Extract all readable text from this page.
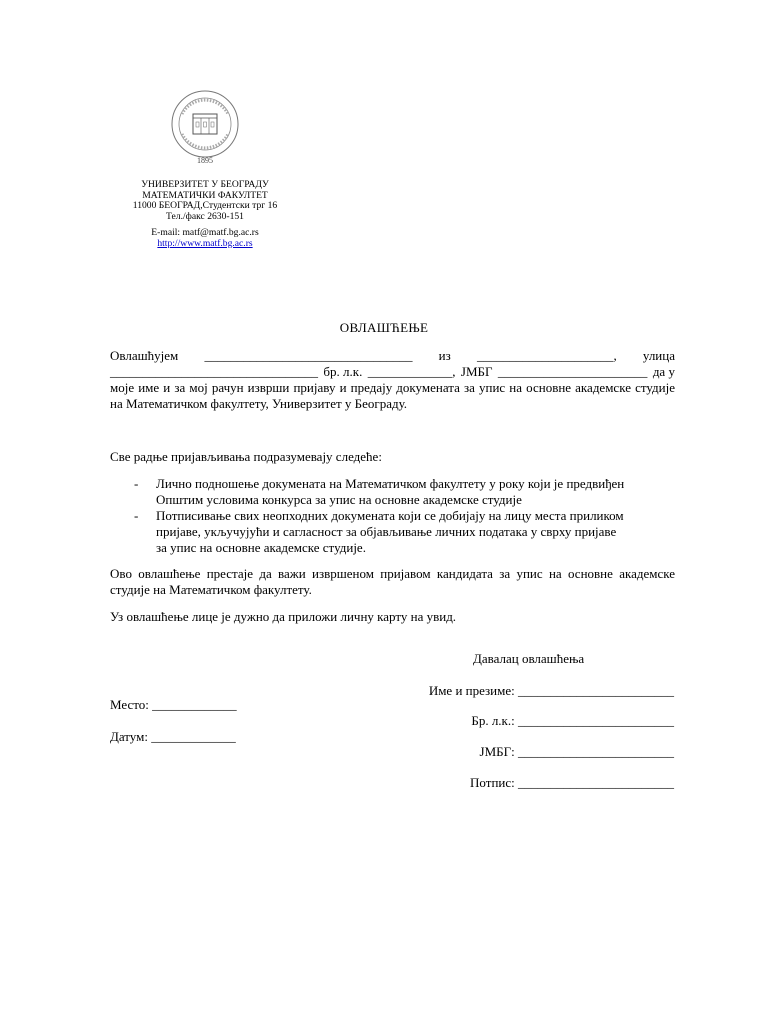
1895
УНИВЕРЗИТЕТ У БЕОГРАДУ
МАТЕМАТИЧКИ ФАКУЛТЕТ
11000 БЕОГРАД,Студентски трг 16
Тел./факс 2630-151
E-mail: matf@matf.bg.ac.rs
http://www.matf.bg.ac.rs
ОВЛАШЋЕЊЕ
Овлашћујем ________________________________ из _____________________, улица
________________________________ бр. л.к. _____________, ЈМБГ _______________________ да у
моје име и за мој рачун изврши пријаву и предају докумената за упис на основне академске студије на Математичком факултету, Универзитет у Београду.
Све радње пријављивања подразумевају следеће:
- Лично подношење докумената на Математичком факултету у року који је предвиђен
Општим условима конкурса за упис на основне академске студије
- Потписивање свих неопходних докумената који се добијају на лицу места приликом
пријаве, укључујући и сагласност за објављивање личних података у сврху пријаве
за упис на основне академске студије.
Ово овлашћење престаје да важи извршеном пријавом кандидата за упис на основне академске студије на Математичком факултету.
Уз овлашћење лице је дужно да приложи личну карту на увид.
Давалац овлашћења
Име и презиме: ________________________
Бр. л.к.: ________________________
ЈМБГ: ________________________
Потпис: ________________________
Место: _____________
Датум: _____________
